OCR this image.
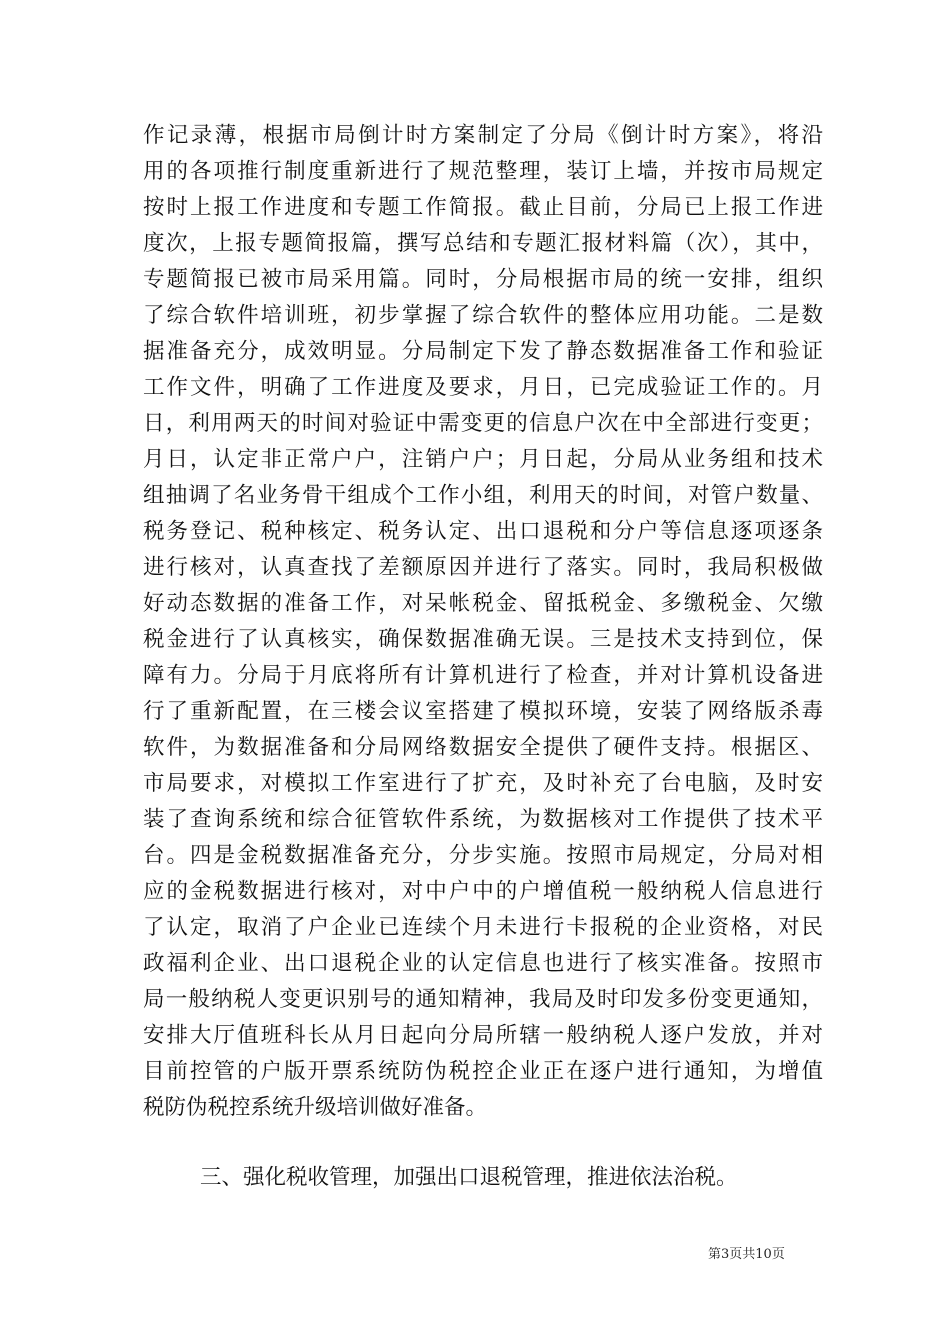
作记录薄，根据市局倒计时方案制定了分局《倒计时方案》，将沿
用的各项推行制度重新进行了规范整理，装订上墙，并按市局规定
按时上报工作进度和专题工作简报。截止目前，分局已上报工作进
度次，上报专题简报篇，撰写总结和专题汇报材料篇（次），其中，
专题简报已被市局采用篇。同时，分局根据市局的统一安排，组织
了综合软件培训班，初步掌握了综合软件的整体应用功能。二是数
据准备充分，成效明显。分局制定下发了静态数据准备工作和验证
工作文件，明确了工作进度及要求，月日，已完成验证工作的。月
日，利用两天的时间对验证中需变更的信息户次在中全部进行变更；
月日，认定非正常户户，注销户户；月日起，分局从业务组和技术
组抽调了名业务骨干组成个工作小组，利用天的时间，对管户数量、
税务登记、税种核定、税务认定、出口退税和分户等信息逐项逐条
进行核对，认真查找了差额原因并进行了落实。同时，我局积极做
好动态数据的准备工作，对呆帐税金、留抵税金、多缴税金、欠缴
税金进行了认真核实，确保数据准确无误。三是技术支持到位，保
障有力。分局于月底将所有计算机进行了检查，并对计算机设备进
行了重新配置，在三楼会议室搭建了模拟环境，安装了网络版杀毒
软件，为数据准备和分局网络数据安全提供了硬件支持。根据区、
市局要求，对模拟工作室进行了扩充，及时补充了台电脑，及时安
装了查询系统和综合征管软件系统，为数据核对工作提供了技术平
台。四是金税数据准备充分，分步实施。按照市局规定，分局对相
应的金税数据进行核对，对中户中的户增值税一般纳税人信息进行
了认定，取消了户企业已连续个月未进行卡报税的企业资格，对民
政福利企业、出口退税企业的认定信息也进行了核实准备。按照市
局一般纳税人变更识别号的通知精神，我局及时印发多份变更通知，
安排大厅值班科长从月日起向分局所辖一般纳税人逐户发放，并对
目前控管的户版开票系统防伪税控企业正在逐户进行通知，为增值
税防伪税控系统升级培训做好准备。
三、强化税收管理，加强出口退税管理，推进依法治税。
第3页共10页
